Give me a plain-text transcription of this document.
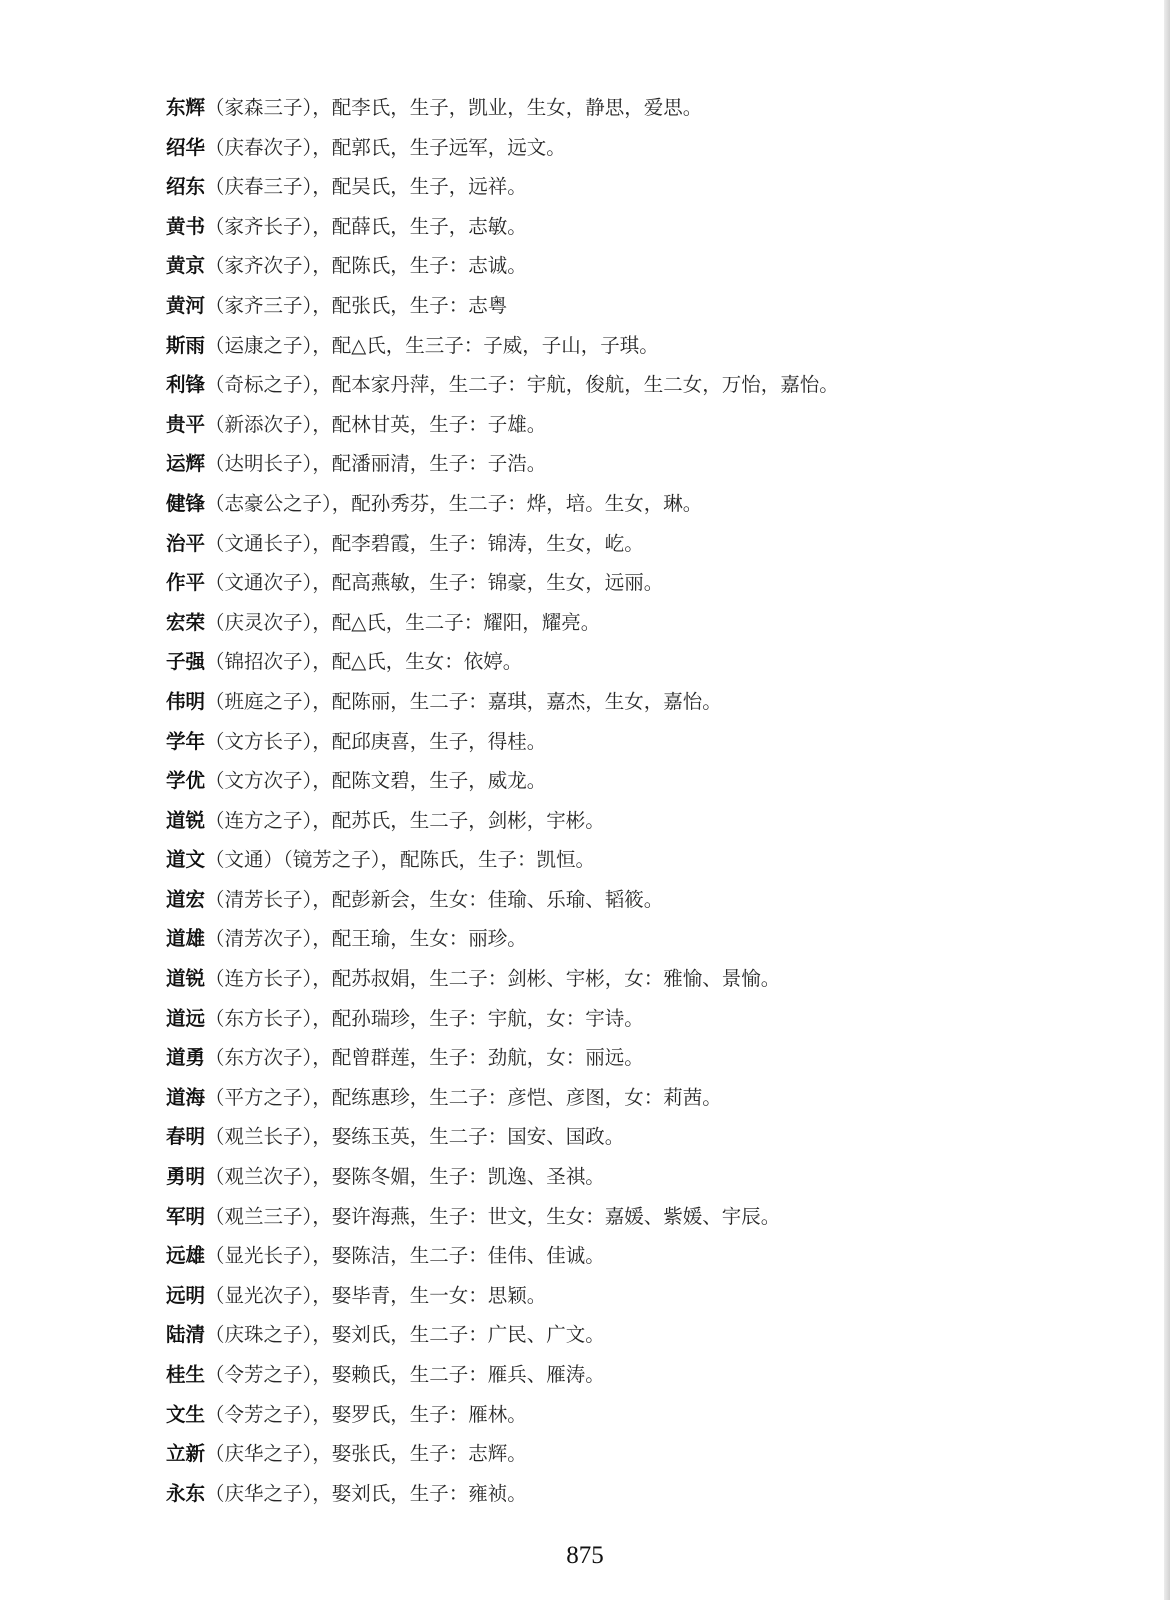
东辉（家森三子），配李氏，生子，凯业，生女，静思，爱思。
绍华（庆春次子），配郭氏，生子远军，远文。
绍东（庆春三子），配吴氏，生子，远祥。
黄书（家齐长子），配薛氏，生子，志敏。
黄京（家齐次子），配陈氏，生子：志诚。
黄河（家齐三子），配张氏，生子：志粤
斯雨（运康之子），配△氏，生三子：子威，子山，子琪。
利锋（奇标之子），配本家丹萍，生二子：宇航，俊航，生二女，万怡，嘉怡。
贵平（新添次子），配林甘英，生子：子雄。
运辉（达明长子），配潘丽清，生子：子浩。
健锋（志豪公之子），配孙秀芬，生二子：烨，培。生女，琳。
治平（文通长子），配李碧霞，生子：锦涛，生女，屹。
作平（文通次子），配高燕敏，生子：锦豪，生女，远丽。
宏荣（庆灵次子），配△氏，生二子：耀阳，耀亮。
子强（锦招次子），配△氏，生女：依婷。
伟明（班庭之子），配陈丽，生二子：嘉琪，嘉杰，生女，嘉怡。
学年（文方长子），配邱庚喜，生子，得桂。
学优（文方次子），配陈文碧，生子，威龙。
道锐（连方之子），配苏氏，生二子，剑彬，宇彬。
道文（文通）（镜芳之子），配陈氏，生子：凯恒。
道宏（清芳长子），配彭新会，生女：佳瑜、乐瑜、韬筱。
道雄（清芳次子），配王瑜，生女：丽珍。
道锐（连方长子），配苏叔娟，生二子：剑彬、宇彬，女：雅愉、景愉。
道远（东方长子），配孙瑞珍，生子：宇航，女：宇诗。
道勇（东方次子），配曾群莲，生子：劲航，女：丽远。
道海（平方之子），配练惠珍，生二子：彦恺、彦图，女：莉茜。
春明（观兰长子），娶练玉英，生二子：国安、国政。
勇明（观兰次子），娶陈冬媚，生子：凯逸、圣祺。
军明（观兰三子），娶许海燕，生子：世文，生女：嘉媛、紫媛、宇辰。
远雄（显光长子），娶陈洁，生二子：佳伟、佳诚。
远明（显光次子），娶毕青，生一女：思颖。
陆清（庆珠之子），娶刘氏，生二子：广民、广文。
桂生（令芳之子），娶赖氏，生二子：雁兵、雁涛。
文生（令芳之子），娶罗氏，生子：雁林。
立新（庆华之子），娶张氏，生子：志辉。
永东（庆华之子），娶刘氏，生子：雍祯。
875
